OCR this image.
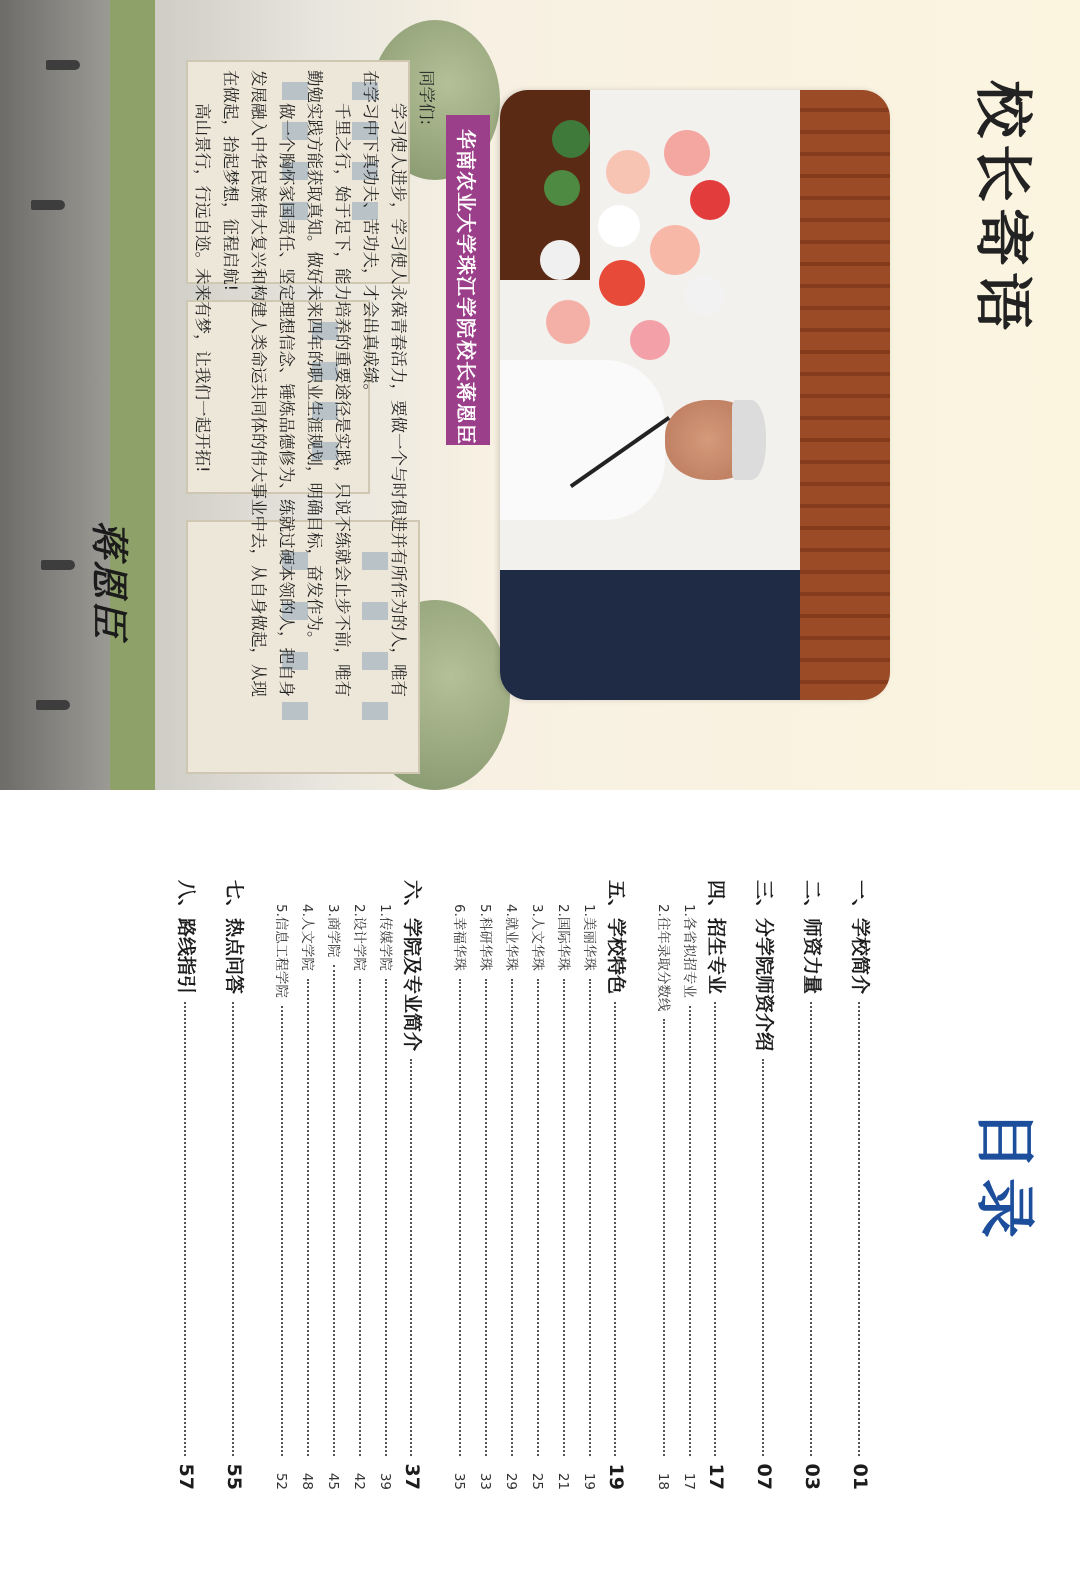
校长寄语
华南农业大学珠江学院
校长蒋恩臣

同学们:

学习使人进步，学习使人永葆青春活力，要做一个与时俱进并有所作为的人，唯有在学习中下真功夫、苦功夫，才会出真成绩。

千里之行，始于足下，能力培养的重要途径是实践，只说不练就会止步不前，唯有勤勉实践方能获取真知。做好未来四年的职业生涯规划，明确目标，奋发作为。

做一个胸怀家国责任、坚定理想信念、锤炼品德修为、练就过硬本领的人，把自身发展融入中华民族伟大复兴和构建人类命运共同体的伟大事业中去，从自身做起，从现在做起，抬起梦想，征程启航!

高山景行，行远自迩。未来有梦，让我们一起开拓!

蒋恩臣
目录
一、学校简介
01
二、师资力量
03
三、分学院师资介绍
07
四、招生专业
17
1.各省拟招专业
17
2.往年录取分数线
18
五、学校特色
19
1.美丽华珠
19
2.国际华珠
21
3.人文华珠
25
4.就业华珠
29
5.科研华珠
33
6.幸福华珠
35
六、学院及专业简介
37
1.传媒学院
39
2.设计学院
42
3.商学院
45
4.人文学院
48
5.信息工程学院
52
七、热点问答
55
八、路线指引
57
